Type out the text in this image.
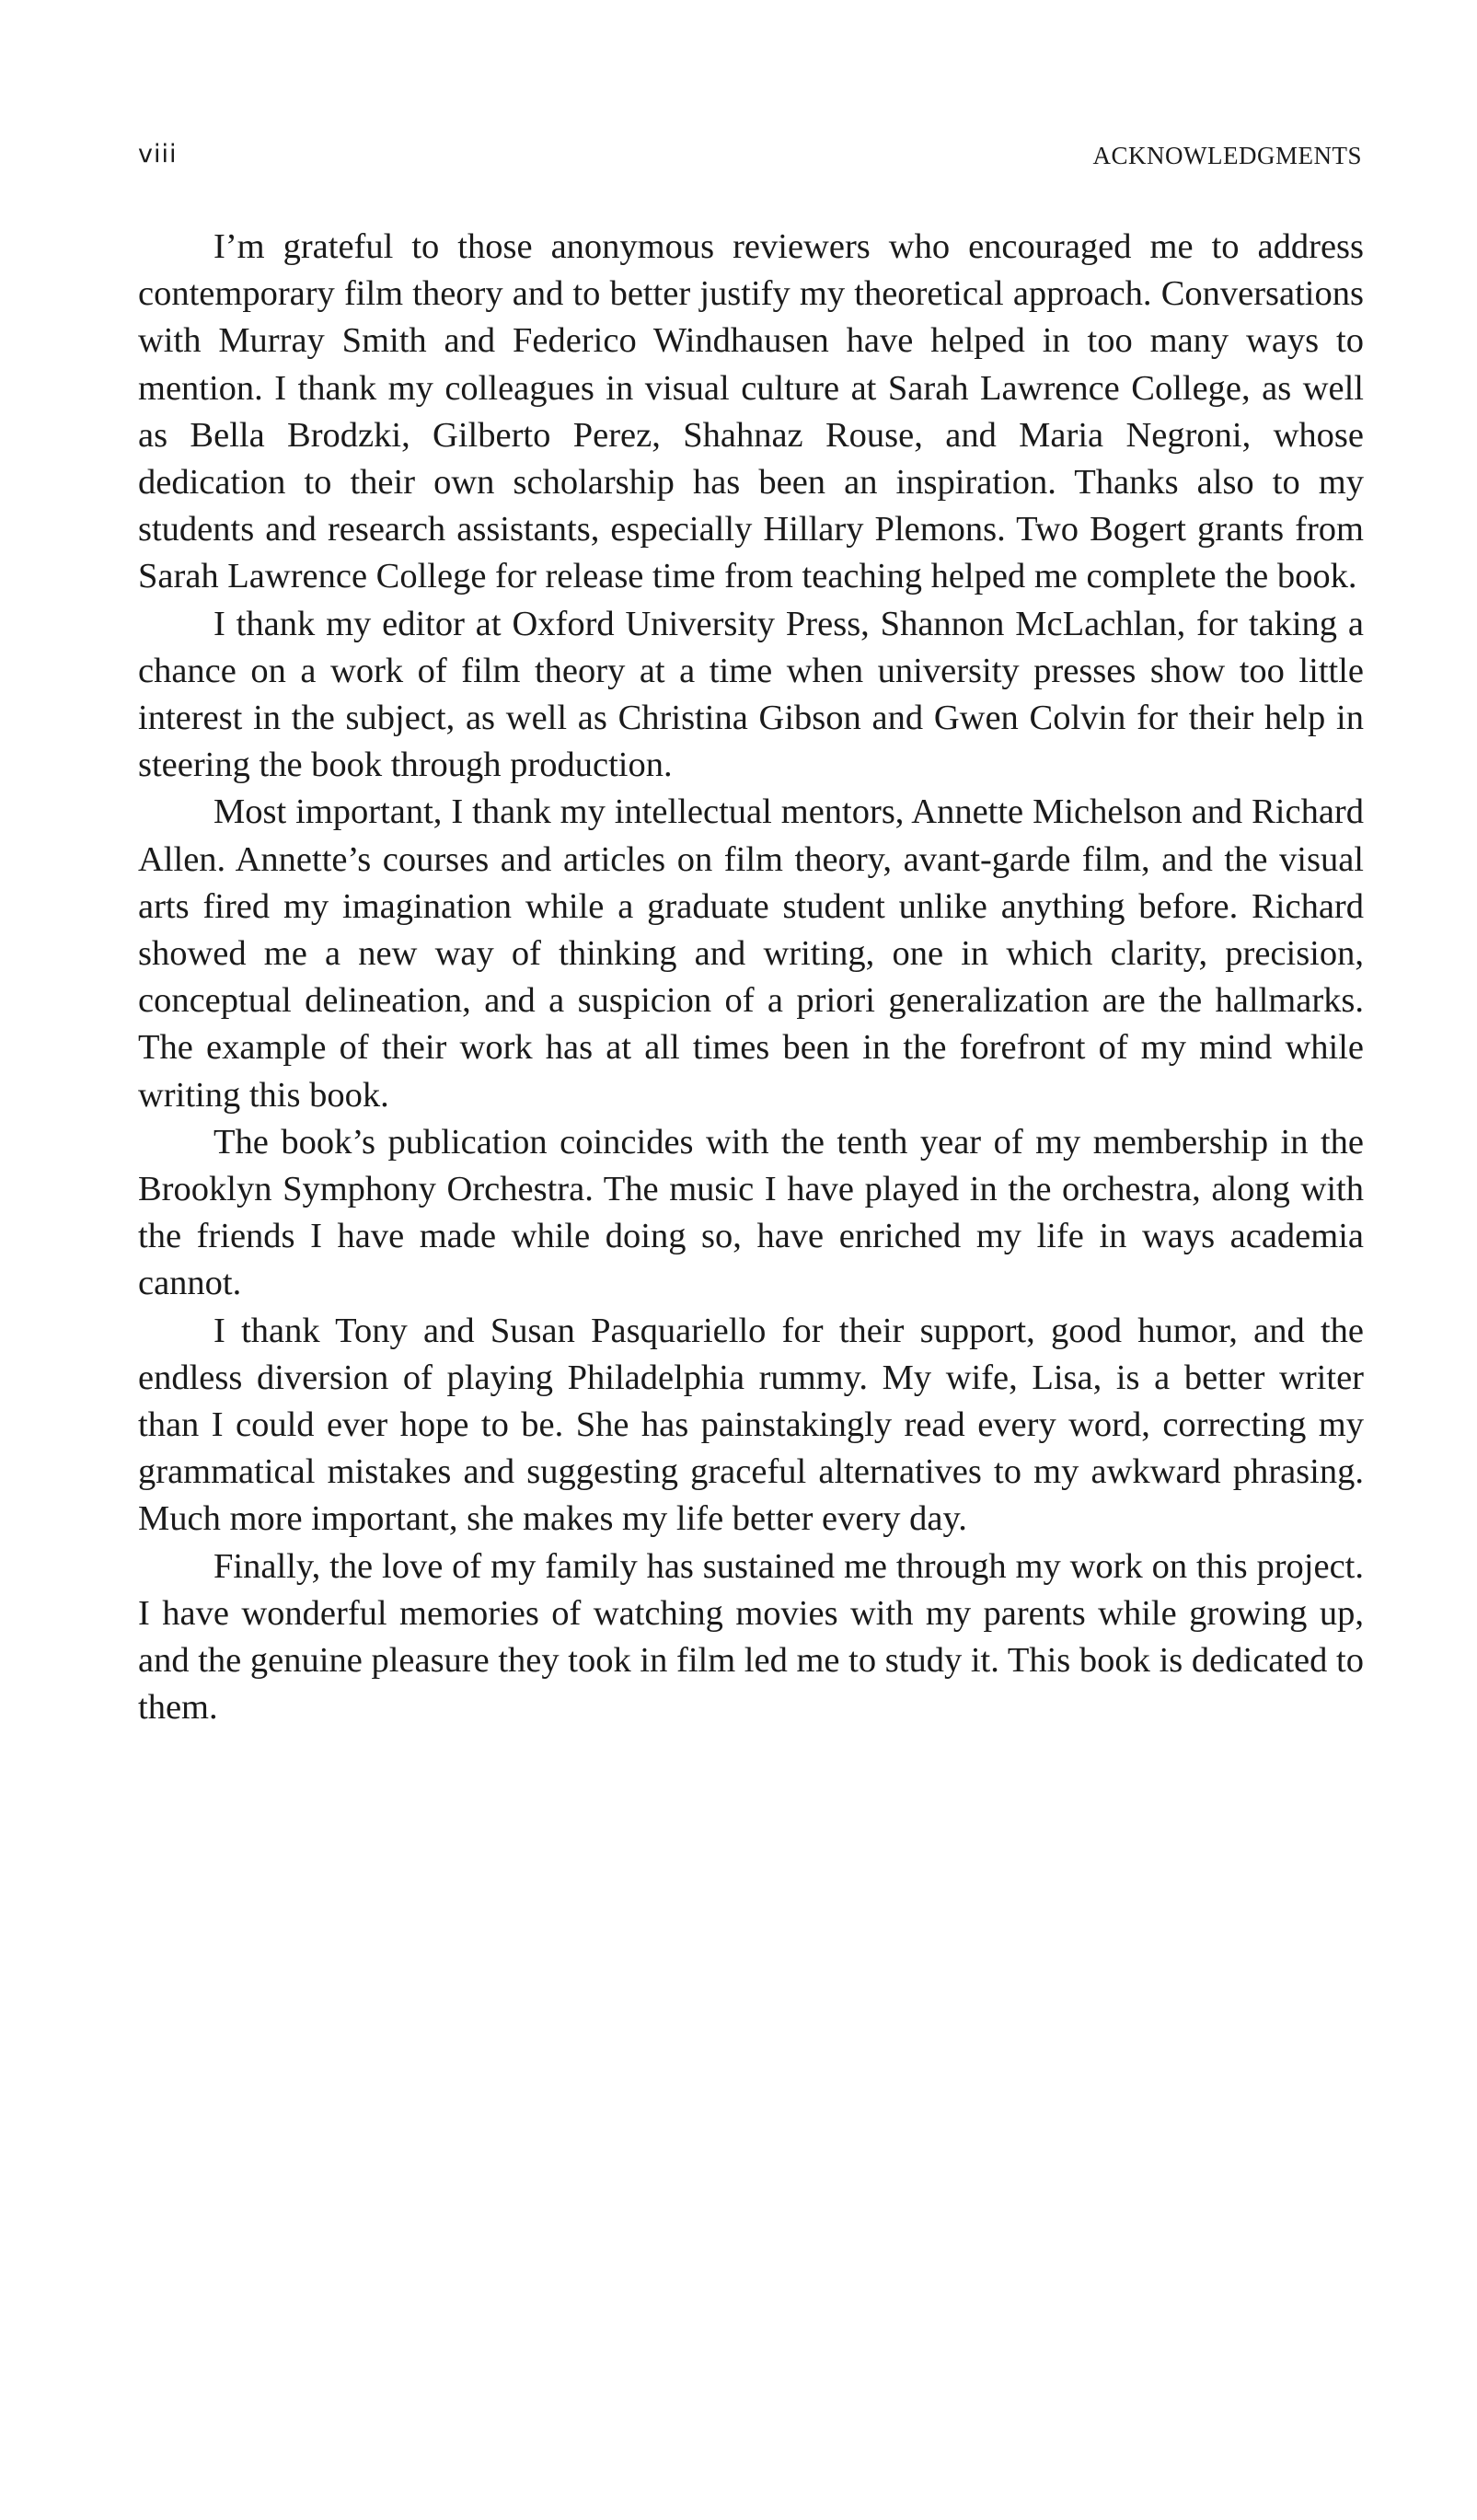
viii	ACKNOWLEDGMENTS

I’m grateful to those anonymous reviewers who encouraged me to address contemporary film theory and to better justify my theoretical approach. Conversations with Murray Smith and Federico Windhausen have helped in too many ways to mention. I thank my colleagues in visual culture at Sarah Lawrence College, as well as Bella Brodzki, Gilberto Perez, Shahnaz Rouse, and Maria Negroni, whose dedication to their own scholarship has been an inspiration. Thanks also to my students and research assistants, especially Hillary Plemons. Two Bogert grants from Sarah Lawrence College for release time from teaching helped me complete the book.

I thank my editor at Oxford University Press, Shannon McLachlan, for taking a chance on a work of film theory at a time when university presses show too little interest in the subject, as well as Christina Gibson and Gwen Colvin for their help in steering the book through production.

Most important, I thank my intellectual mentors, Annette Michelson and Richard Allen. Annette’s courses and articles on film theory, avant-garde film, and the visual arts fired my imagination while a graduate student unlike anything before. Richard showed me a new way of thinking and writing, one in which clarity, precision, conceptual delineation, and a suspicion of a priori generalization are the hallmarks. The example of their work has at all times been in the forefront of my mind while writing this book.

The book’s publication coincides with the tenth year of my membership in the Brooklyn Symphony Orchestra. The music I have played in the orchestra, along with the friends I have made while doing so, have enriched my life in ways academia cannot.

I thank Tony and Susan Pasquariello for their support, good humor, and the endless diversion of playing Philadelphia rummy. My wife, Lisa, is a better writer than I could ever hope to be. She has painstakingly read every word, correcting my grammatical mistakes and suggesting graceful alternatives to my awkward phrasing. Much more important, she makes my life better every day.

Finally, the love of my family has sustained me through my work on this project. I have wonderful memories of watching movies with my parents while growing up, and the genuine pleasure they took in film led me to study it. This book is dedicated to them.
